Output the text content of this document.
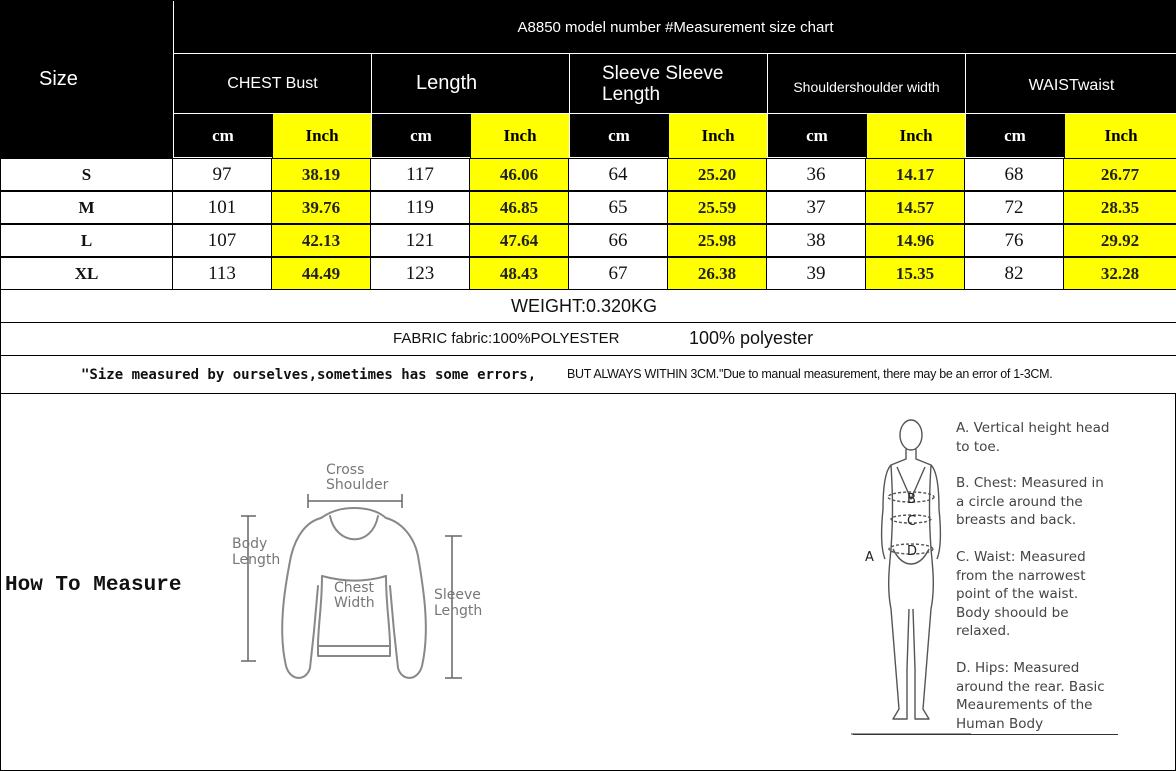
Size
A8850 model number #Measurement size chart
CHEST Bust	Length	Sleeve Sleeve Length	Shouldershoulder width	WAISTwaist
WEIGHT:0.320KG
FABRIC fabric:100%POLYESTER	100% polyester
"Size measured by ourselves,sometimes has some errors, BUT ALWAYS WITHIN 3CM."Due to manual measurement, there may be an error of 1-3CM.
How To Measure
Cross
Shoulder
Body
Length
Chest
Width	Sleeve
Length
A
B
C
D
A. Vertical height head to toe.
B. Chest: Measured in a circle around the breasts and back.
C. Waist: Measured from the narrowest point of the waist. Body shoould be relaxed.
D. Hips: Measured around the rear. Basic Meaurements of the Human Body
cm	Inch	cm	Inch	cm	Inch	cm	Inch	cm	Inch
S	97	38.19	117	46.06	64	25.20	36	14.17	68	26.77
M	101	39.76	119	46.85	65	25.59	37	14.57	72	28.35
L	107	42.13	121	47.64	66	25.98	38	14.96	76	29.92
XL	113	44.49	123	48.43	67	26.38	39	15.35	82	32.28
